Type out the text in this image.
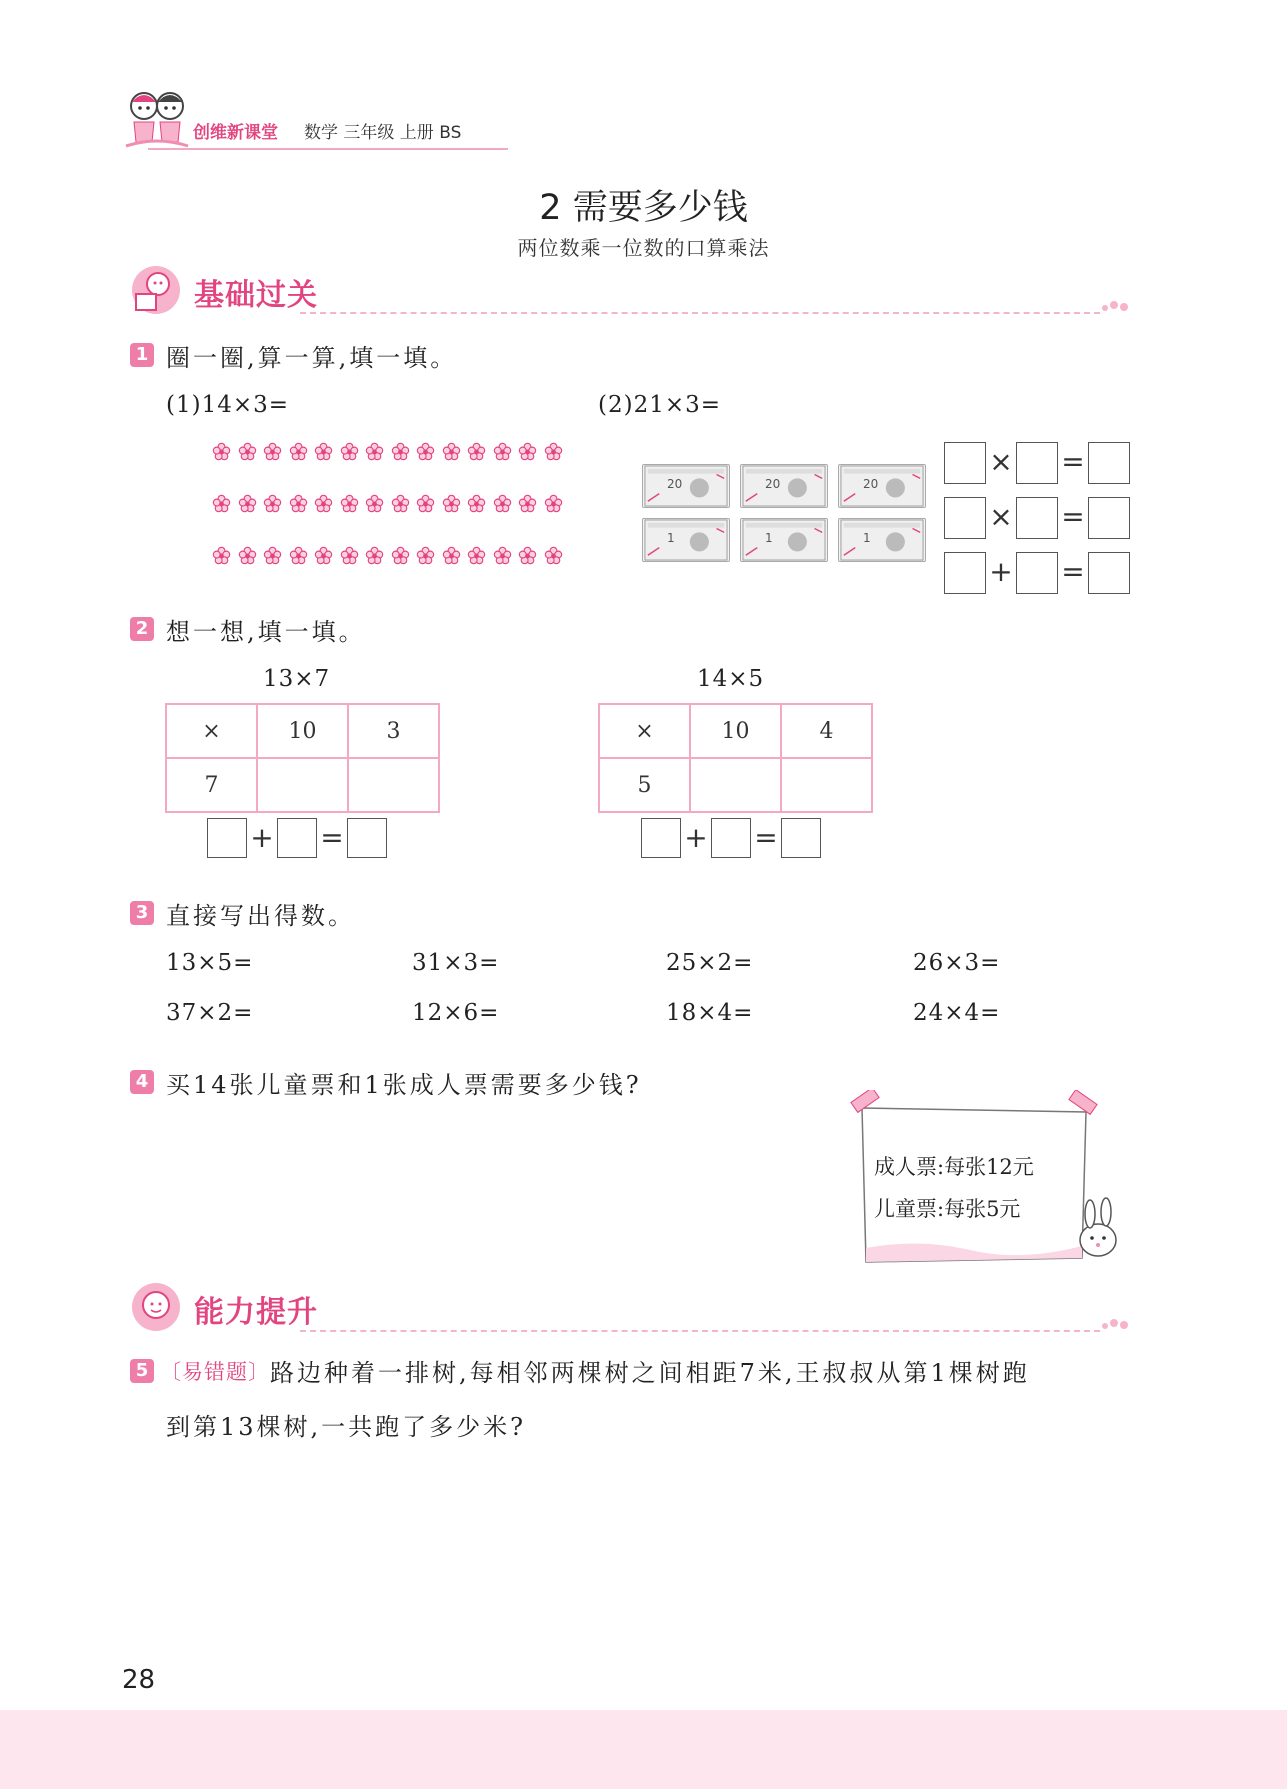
创维新课堂 数学 三年级 上册 BS
2 需要多少钱
两位数乘一位数的口算乘法
基础过关
1 圈一圈,算一算,填一填。
(1)14×3=	(2)21×3=
20	20	20
1	1	1
× =
× =
+ =
2 想一想,填一填。
13×7
×	10	3
7		
+ =
14×5
×	10	4
5		
+ =
3 直接写出得数。
13×5=	31×3=	25×2=	26×3=
37×2=	12×6=	18×4=	24×4=
4 买14张儿童票和1张成人票需要多少钱?
成人票:每张12元
儿童票:每张5元
能力提升
5 〔易错题〕 路边种着一排树,每相邻两棵树之间相距7米,王叔叔从第1棵树跑
到第13棵树,一共跑了多少米?
28
